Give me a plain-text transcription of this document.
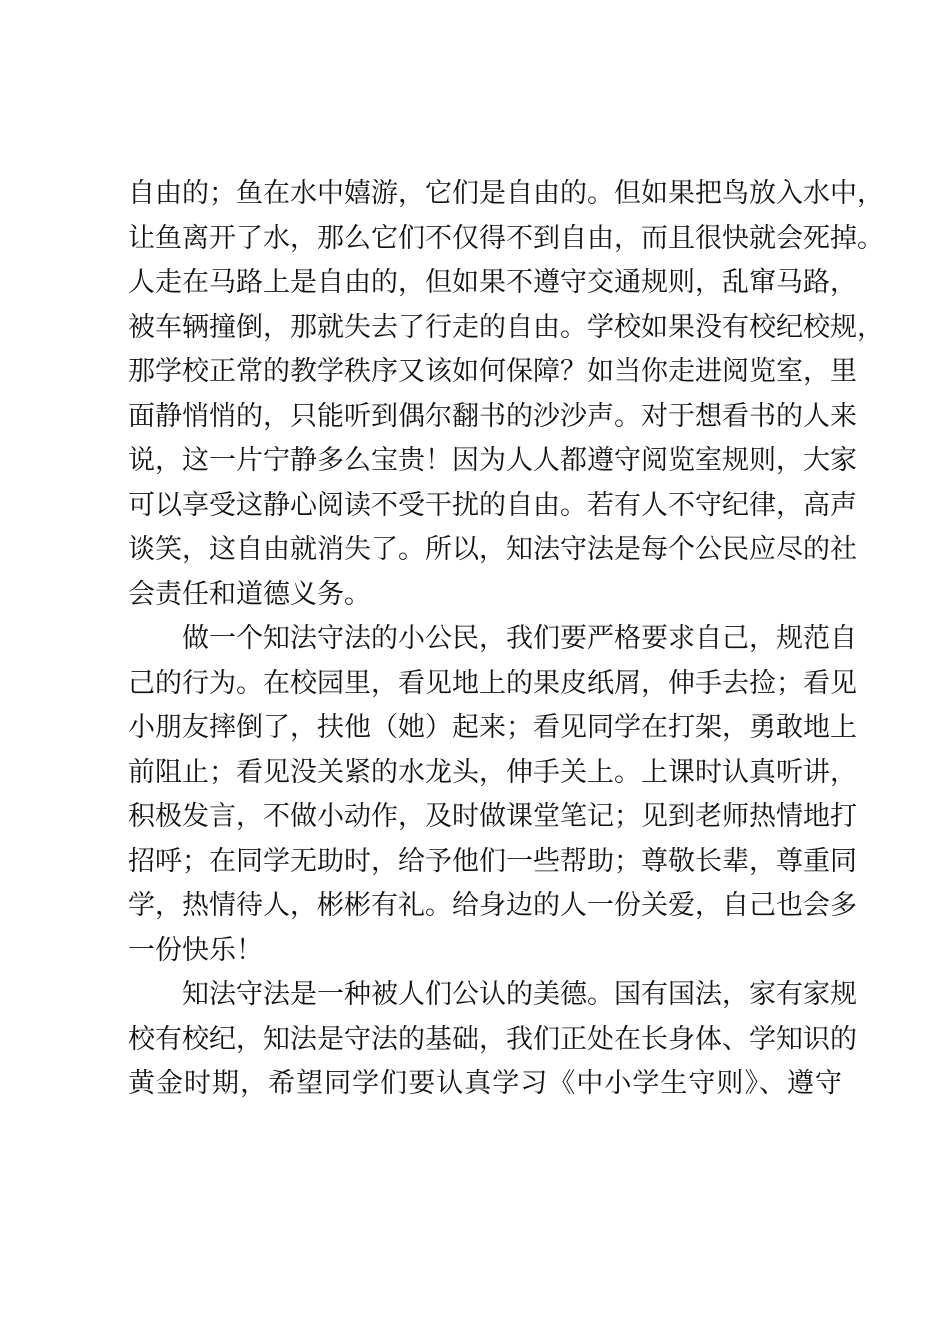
自由的；鱼在水中嬉游，它们是自由的。但如果把鸟放入水中，
让鱼离开了水，那么它们不仅得不到自由，而且很快就会死掉。
人走在马路上是自由的，但如果不遵守交通规则，乱窜马路，
被车辆撞倒，那就失去了行走的自由。学校如果没有校纪校规，
那学校正常的教学秩序又该如何保障？如当你走进阅览室，里
面静悄悄的，只能听到偶尔翻书的沙沙声。对于想看书的人来
说，这一片宁静多么宝贵！因为人人都遵守阅览室规则，大家
可以享受这静心阅读不受干扰的自由。若有人不守纪律，高声
谈笑，这自由就消失了。所以，知法守法是每个公民应尽的社
会责任和道德义务。
　　做一个知法守法的小公民，我们要严格要求自己，规范自
己的行为。在校园里，看见地上的果皮纸屑，伸手去捡；看见
小朋友摔倒了，扶他（她）起来；看见同学在打架，勇敢地上
前阻止；看见没关紧的水龙头，伸手关上。上课时认真听讲，
积极发言，不做小动作，及时做课堂笔记；见到老师热情地打
招呼；在同学无助时，给予他们一些帮助；尊敬长辈，尊重同
学，热情待人，彬彬有礼。给身边的人一份关爱，自己也会多
一份快乐！
　　知法守法是一种被人们公认的美德。国有国法，家有家规
校有校纪，知法是守法的基础，我们正处在长身体、学知识的
黄金时期，希望同学们要认真学习《中小学生守则》、遵守
